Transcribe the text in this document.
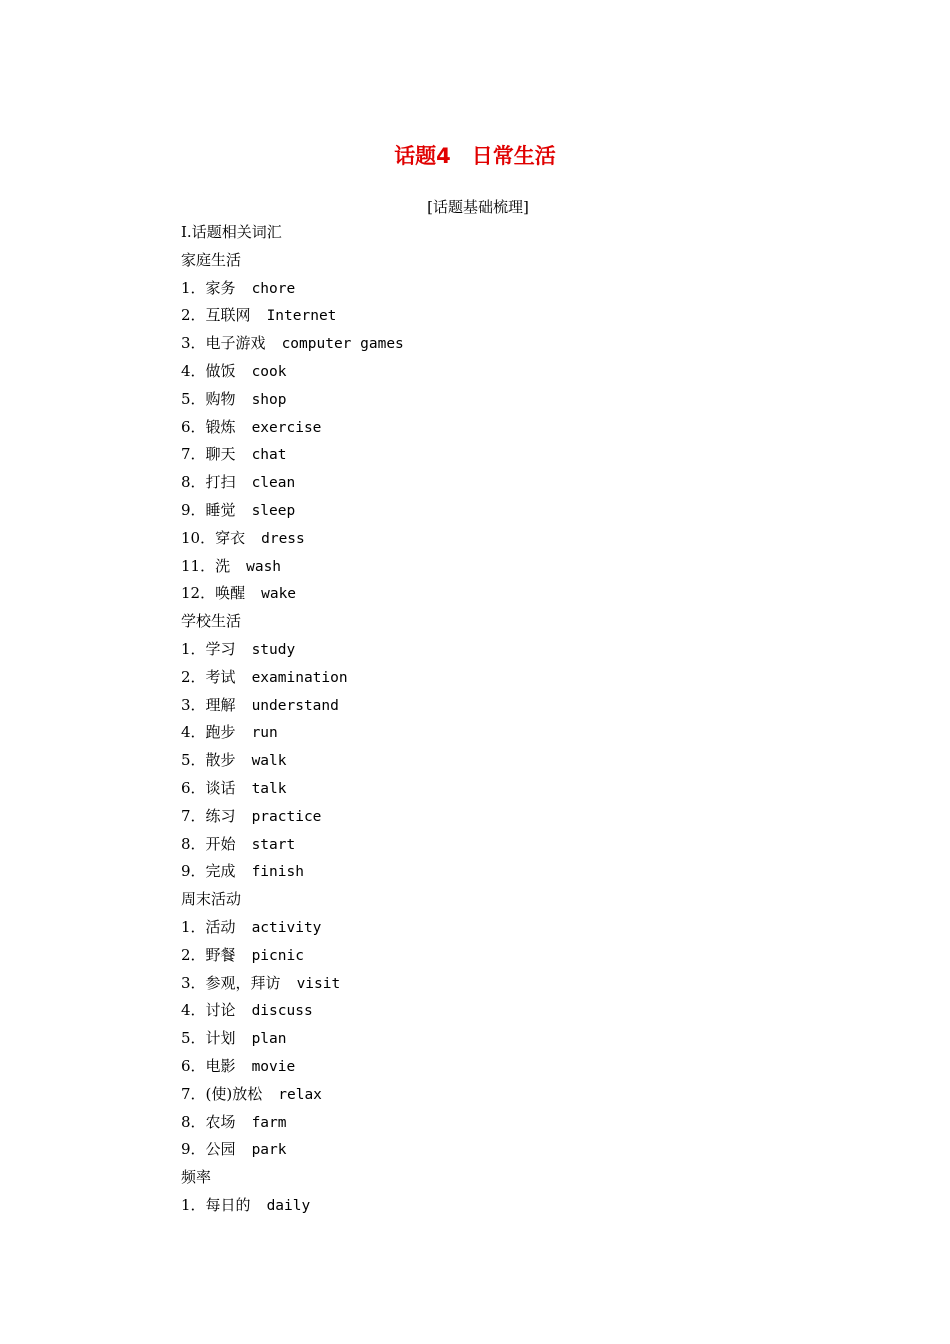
话题4　日常生活
[话题基础梳理]
Ⅰ.话题相关词汇
家庭生活
1．家务 chore
2．互联网 Internet
3．电子游戏 computer games
4．做饭 cook
5．购物 shop
6．锻炼 exercise
7．聊天 chat
8．打扫 clean
9．睡觉 sleep
10．穿衣 dress
11．洗 wash
12．唤醒 wake
学校生活
1．学习 study
2．考试 examination
3．理解 understand
4．跑步 run
5．散步 walk
6．谈话 talk
7．练习 practice
8．开始 start
9．完成 finish
周末活动
1．活动 activity
2．野餐 picnic
3．参观，拜访 visit
4．讨论 discuss
5．计划 plan
6．电影 movie
7．(使)放松 relax
8．农场 farm
9．公园 park
频率
1．每日的 daily
